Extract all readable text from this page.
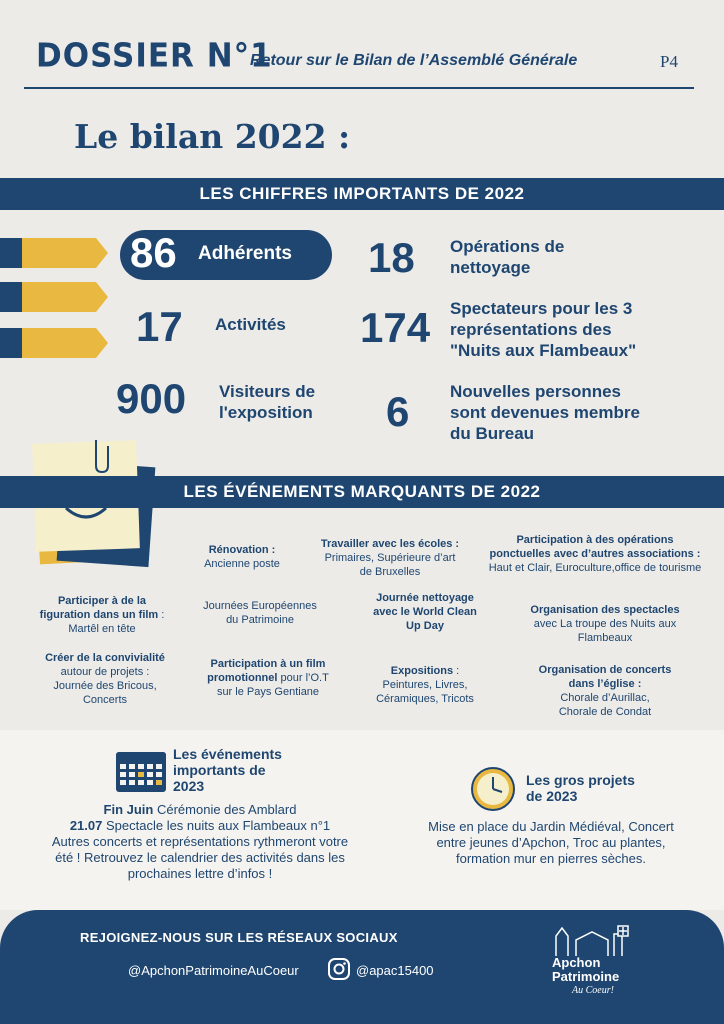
DOSSIER N°1
Retour sur le Bilan de l’Assemblé Générale	P4
Le bilan 2022 :
LES CHIFFRES IMPORTANTS DE 2022
86 Adhérents
17 Activités
900 Visiteurs de
l'exposition
18 Opérations de
nettoyage
174 Spectateurs pour les 3
représentations des
"Nuits aux Flambeaux"
6 Nouvelles personnes
sont devenues membre
du Bureau
LES ÉVÉNEMENTS MARQUANTS DE 2022
Rénovation :
Ancienne poste
Travailler avec les écoles :
Primaires, Supérieure d’art
de Bruxelles
Participation à des opérations
ponctuelles avec d’autres associations :
Haut et Clair, Euroculture,office de tourisme
Participer à de la
figuration dans un film :
Martêl en tête
Journées Européennes
du Patrimoine
Journée nettoyage
avec le World Clean
Up Day
Organisation des spectacles
avec La troupe des Nuits aux
Flambeaux
Créer de la convivialité
autour de projets :
Journée des Bricous,
Concerts
Participation à un film
promotionnel pour l’O.T
sur le Pays Gentiane
Expositions :
Peintures, Livres,
Céramiques, Tricots
Organisation de concerts
dans l’église :
Chorale d’Aurillac,
Chorale de Condat
Les événements
importants de
2023
Fin Juin Cérémonie des Amblard
21.07 Spectacle les nuits aux Flambeaux n°1
Autres concerts et représentations rythmeront votre
été ! Retrouvez le calendrier des activités dans les
prochaines lettre d’infos !
Les gros projets
de 2023
Mise en place du Jardin Médiéval, Concert
entre jeunes d’Apchon, Troc au plantes,
formation mur en pierres sèches.
REJOIGNEZ-NOUS SUR LES RÉSEAUX SOCIAUX
@ApchonPatrimoineAuCoeur	@apac15400
Apchon
Patrimoine
Au Coeur!
